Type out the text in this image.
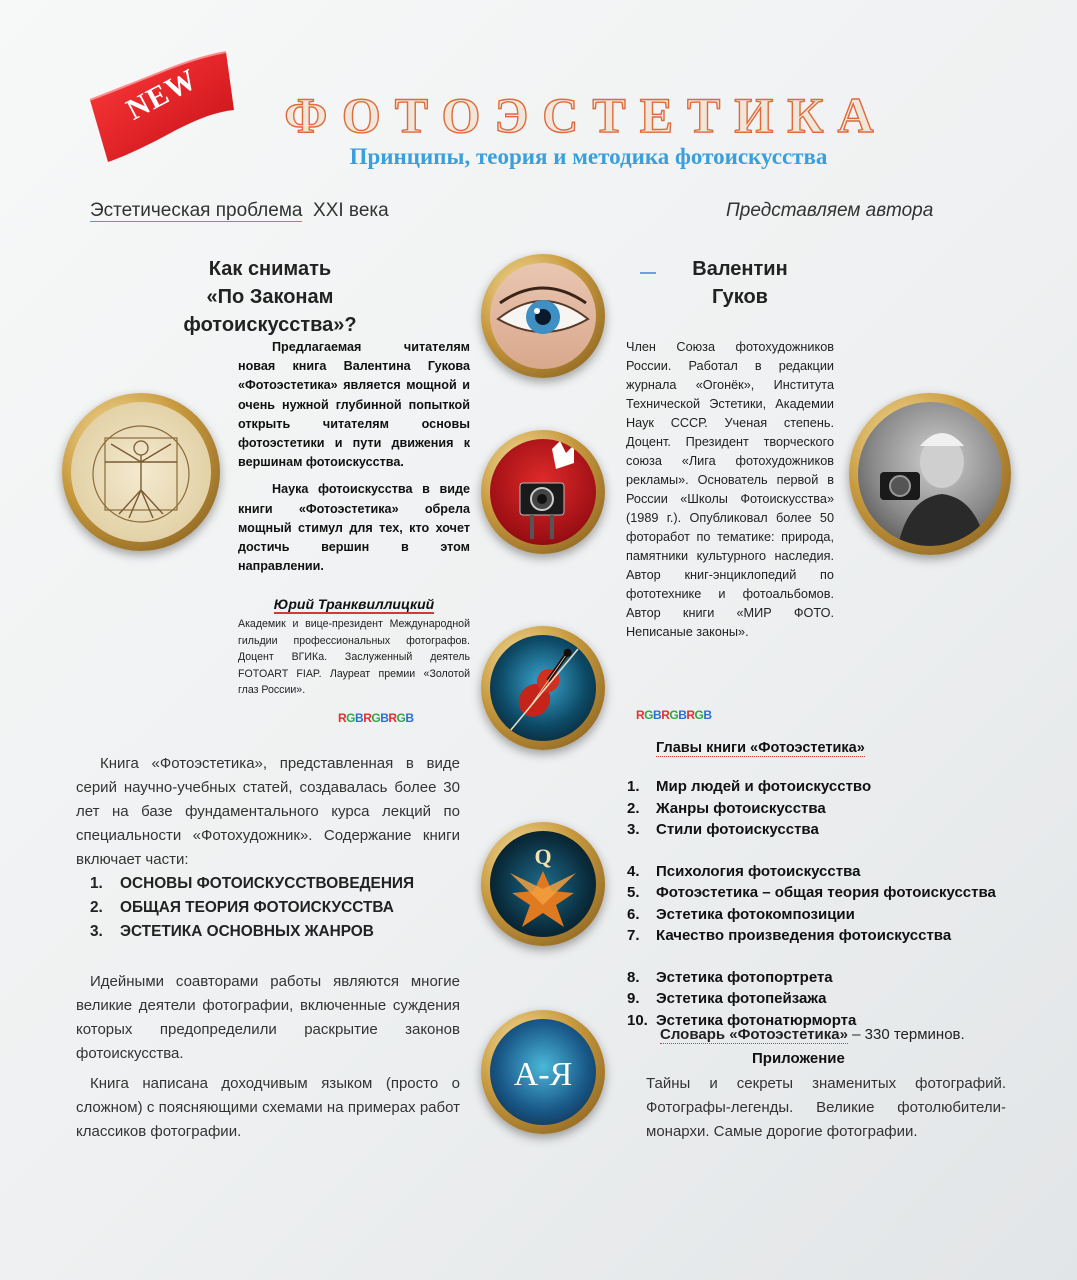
NEW	ФОТОЭСТЕТИКА
Принципы, теория и методика фотоискусства
Эстетическая проблема XXI века	Представляем автора
Как снимать
«По Законам фотоискусства»?
Валентин
Гуков
Q
А-Я

Предлагаемая читателям новая книга Валентина Гукова «Фотоэстетика» является мощной и очень нужной глубинной попыткой открыть читателям основы фотоэстетики и пути движения к вершинам фотоискусства.

Наука фотоискусства в виде книги «Фотоэстетика» обрела мощный стимул для тех, кто хочет достичь вершин в этом направлении.

Юрий Транквиллицкий
Академик и вице-президент Международной гильдии профессиональных фотографов. Доцент ВГИКа. Заслуженный деятель FOTOART FIAP. Лауреат премии «Золотой глаз России».
RGBRGBRGB	RGBRGBRGB
Член Союза фотохудожников России. Работал в редакции журнала «Огонёк», Института Технической Эстетики, Академии Наук СССР. Ученая степень. Доцент. Президент творческого союза «Лига фотохудожников рекламы». Основатель первой в России «Школы Фотоискусства» (1989 г.). Опубликовал более 50 фоторабот по тематике: природа, памятники культурного наследия. Автор книг-энциклопедий по фототехнике и фотоальбомов. Автор книги «МИР ФОТО. Неписаные законы».

Книга «Фотоэстетика», представленная в виде серий научно-учебных статей, создавалась более 30 лет на базе фундаментального курса лекций по специальности «Фотохудожник». Содержание книги включает части:

1.	ОСНОВЫ ФОТОИСКУССТВОВЕДЕНИЯ
2.	ОБЩАЯ ТЕОРИЯ ФОТОИСКУССТВА
3.	ЭСТЕТИКА ОСНОВНЫХ ЖАНРОВ

Идейными соавторами работы являются многие великие деятели фотографии, включенные суждения которых предопределили раскрытие законов фотоискусства.

Книга написана доходчивым языком (просто о сложном) с поясняющими схемами на примерах работ классиков фотографии.

Главы книги «Фотоэстетика»
1.	Мир людей и фотоискусство
2.	Жанры фотоискусства
3.	Стили фотоискусства
4.	Психология фотоискусства
5.	Фотоэстетика – общая теория фотоискусства
6.	Эстетика фотокомпозиции
7.	Качество произведения фотоискусства
8.	Эстетика фотопортрета
9.	Эстетика фотопейзажа
10. Эстетика фотонатюрморта
Словарь «Фотоэстетика» – 330 терминов.
Приложение
Тайны и секреты знаменитых фотографий. Фотографы-легенды. Великие фотолюбители-монархи. Самые дорогие фотографии.
